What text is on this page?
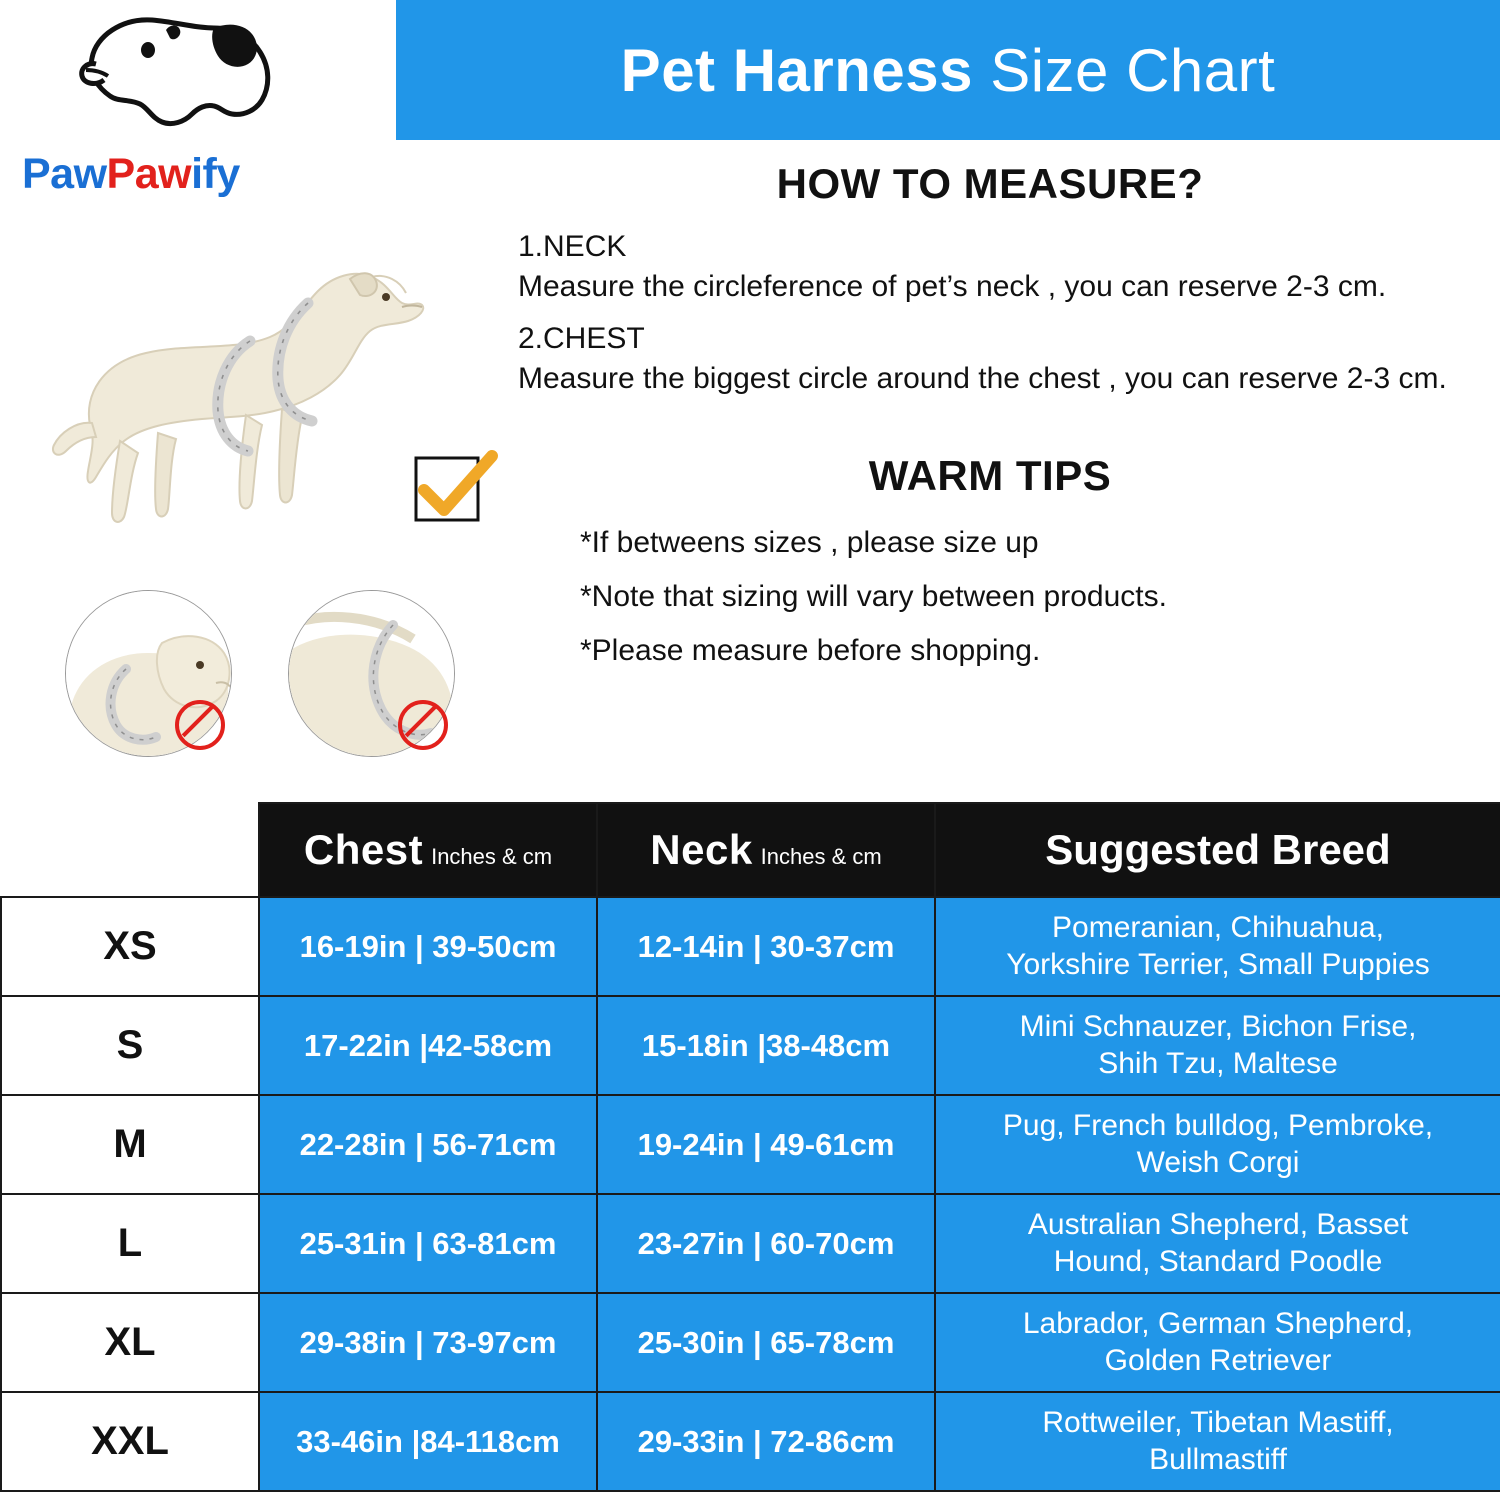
Pet Harness Size Chart
PawPawify	HOW TO MEASURE?

1.NECK

Measure the circleference of pet’s neck , you can reserve 2-3 cm.

2.CHEST

Measure the biggest circle around the chest , you can reserve 2-3 cm.

WARM TIPS

*If betweens sizes , please size up

*Note that sizing will vary between products.

*Please measure before shopping.

	Chest Inches & cm	Neck Inches & cm	Suggested Breed
XS	16-19in | 39-50cm	12-14in | 30-37cm	Pomeranian, Chihuahua,
Yorkshire Terrier, Small Puppies

S	17-22in |42-58cm	15-18in |38-48cm	Mini Schnauzer, Bichon Frise,
Shih Tzu, Maltese

M	22-28in | 56-71cm	19-24in | 49-61cm	Pug, French bulldog, Pembroke,
Weish Corgi

L	25-31in | 63-81cm	23-27in | 60-70cm	Australian Shepherd, Basset
Hound, Standard Poodle

XL	29-38in | 73-97cm	25-30in | 65-78cm	Labrador, German Shepherd,
Golden Retriever

XXL	33-46in |84-118cm	29-33in | 72-86cm	Rottweiler, Tibetan Mastiff,
Bullmastiff
